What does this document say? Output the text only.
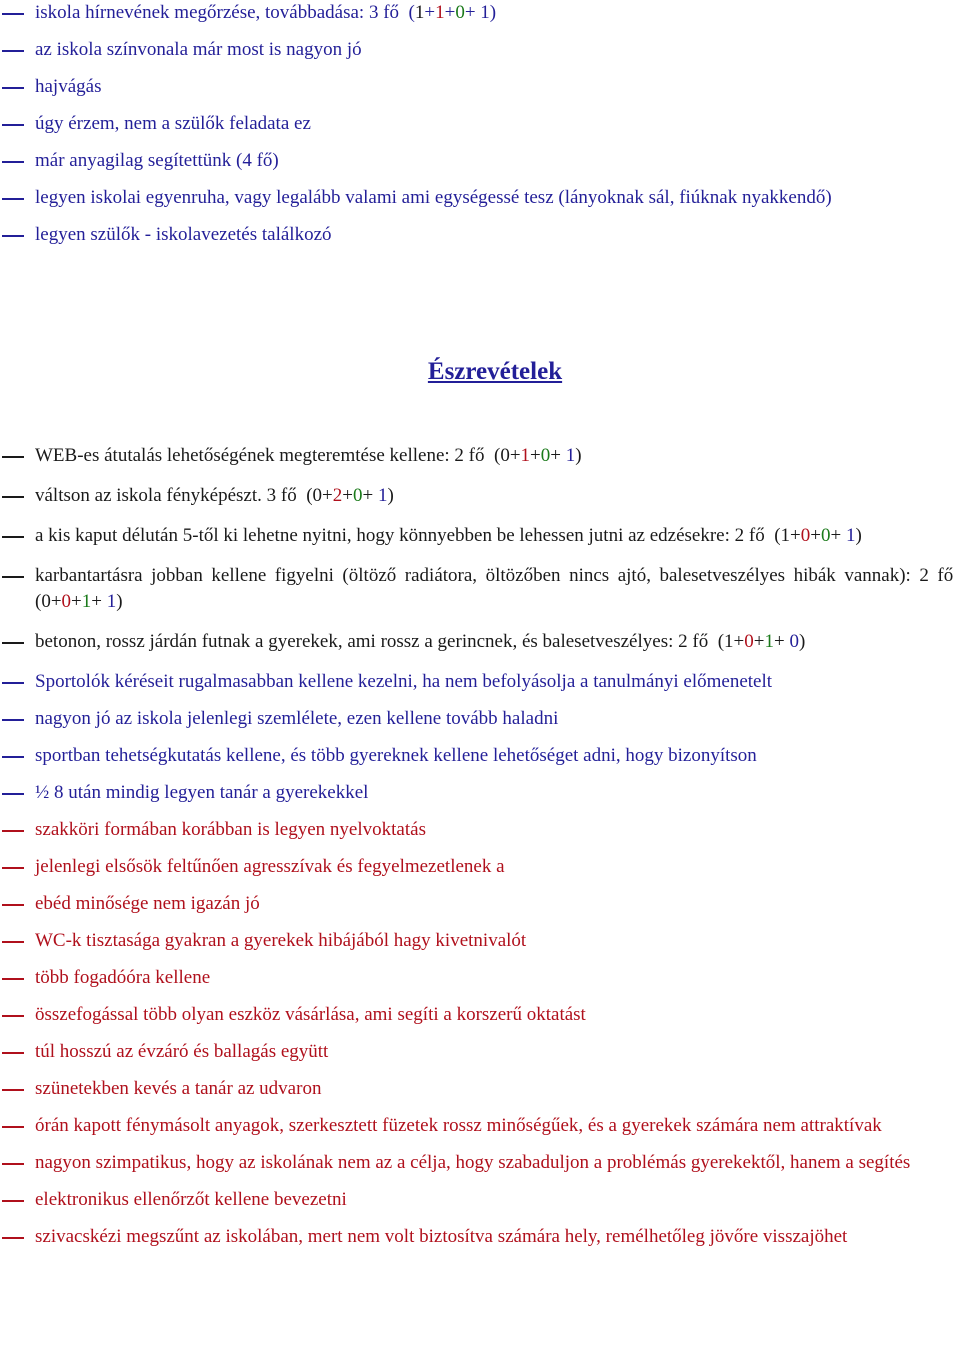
iskola hírnevének megőrzése, továbbadása: 3 fő  (1+1+0+ 1)
az iskola színvonala már most is nagyon jó
hajvágás
úgy érzem, nem a szülők feladata ez
már anyagilag segítettünk (4 fő)
legyen iskolai egyenruha, vagy legalább valami ami egységessé tesz (lányoknak sál, fiúknak nyakkendő)
legyen szülők - iskolavezetés találkozó
Észrevételek
WEB-es átutalás lehetőségének megteremtése kellene: 2 fő  (0+1+0+ 1)
váltson az iskola fényképészt. 3 fő  (0+2+0+ 1)
a kis kaput délután 5-től ki lehetne nyitni, hogy könnyebben be lehessen jutni az edzésekre: 2 fő  (1+0+0+ 1)
karbantartásra jobban kellene figyelni (öltöző radiátora, öltözőben nincs ajtó, balesetveszélyes hibák vannak): 2 fő  (0+0+1+ 1)
betonon, rossz járdán futnak a gyerekek, ami rossz a gerincnek, és balesetveszélyes: 2 fő  (1+0+1+ 0)
Sportolók kéréseit rugalmasabban kellene kezelni, ha nem befolyásolja a tanulmányi előmenetelt
nagyon jó az iskola jelenlegi szemlélete, ezen kellene tovább haladni
sportban tehetségkutatás kellene, és több gyereknek kellene lehetőséget adni, hogy bizonyítson
½ 8 után mindig legyen tanár a gyerekekkel
szakköri formában korábban is legyen nyelvoktatás
jelenlegi elsősök feltűnően agresszívak és fegyelmezetlenek a
ebéd minősége nem igazán jó
WC-k tisztasága gyakran a gyerekek hibájából hagy kivetnivalót
több fogadóóra kellene
összefogással több olyan eszköz vásárlása, ami segíti a korszerű oktatást
túl hosszú az évzáró és ballagás együtt
szünetekben kevés a tanár az udvaron
órán kapott fénymásolt anyagok, szerkesztett füzetek rossz minőségűek, és a gyerekek számára nem attraktívak
nagyon szimpatikus, hogy az iskolának nem az a célja, hogy szabaduljon a problémás gyerekektől, hanem a segítés
elektronikus ellenőrzőt kellene bevezetni
szivacskézi megszűnt az iskolában, mert nem volt biztosítva számára hely, remélhetőleg jövőre visszajöhet
